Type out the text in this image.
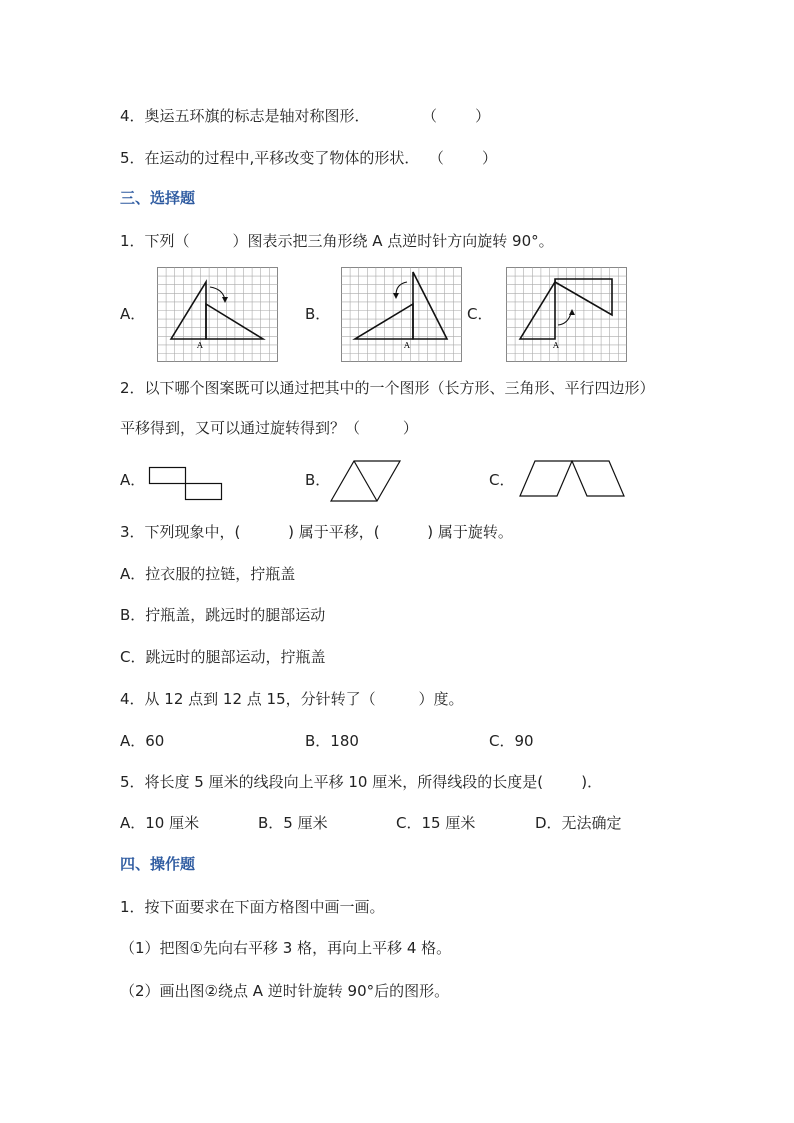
4．奥运五环旗的标志是轴对称图形．           （        ）
5．在运动的过程中,平移改变了物体的形状．  （        ）
三、选择题
1．下列（         ）图表示把三角形绕 A 点逆时针方向旋转 90°。
A．	B．	C．
A	A	A
2．以下哪个图案既可以通过把其中的一个图形（长方形、三角形、平行四边形）
平移得到，又可以通过旋转得到？（         ）
A．	B．	C．
3．下列现象中，(          ) 属于平移，(          ) 属于旋转。
A．拉衣服的拉链，拧瓶盖
B．拧瓶盖，跳远时的腿部运动
C．跳远时的腿部运动，拧瓶盖
4．从 12 点到 12 点 15，分针转了（         ）度。
A．60	B．180	C．90
5．将长度 5 厘米的线段向上平移 10 厘米，所得线段的长度是(        )．
A．10 厘米	B．5 厘米	C．15 厘米	D．无法确定
四、操作题
1．按下面要求在下面方格图中画一画。
（1）把图①先向右平移 3 格，再向上平移 4 格。
（2）画出图②绕点 A 逆时针旋转 90°后的图形。
